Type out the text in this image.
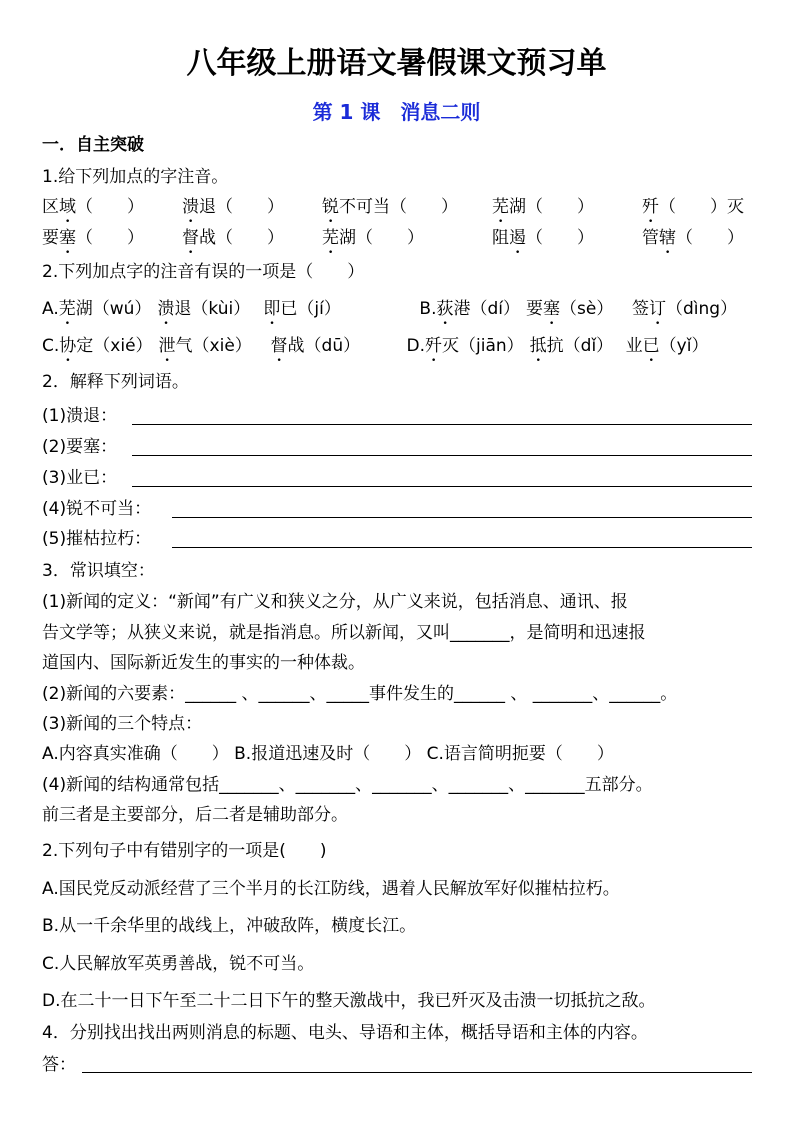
八年级上册语文暑假课文预习单
第 1 课　消息二则
一．自主突破
1.给下列加点的字注音。
区域（　　）	溃退（　　）	锐不可当（　　）	芜湖（　　）	歼（　　）灭
要塞（　　）	督战（　　）	芜湖（　　）	阻遏（　　）	管辖（　　）
2.下列加点字的注音有误的一项是（　　）
A.芜湖（wú） 溃退（kùi） 即已（jí）	B.荻港（dí） 要塞（sè）	签订（dìng）
C.协定（xié） 泄气（xiè）	督战（dū）	D.歼灭（jiān） 抵抗（dǐ） 业已（yǐ）
2．解释下列词语。
(1)溃退：
(2)要塞：
(3)业已：
(4)锐不可当：
(5)摧枯拉朽：
3．常识填空：
(1)新闻的定义：“新闻”有广义和狭义之分，从广义来说，包括消息、通讯、报
告文学等；从狭义来说，就是指消息。所以新闻，又叫_______，是简明和迅速报
道国内、国际新近发生的事实的一种体裁。
(2)新闻的六要素：______ 、______、_____事件发生的______ 、 _______、______。
(3)新闻的三个特点：
A.内容真实准确（　　） B.报道迅速及时（　　） C.语言简明扼要（　　）
(4)新闻的结构通常包括_______、_______、_______、_______、_______五部分。
前三者是主要部分，后二者是辅助部分。
2.下列句子中有错别字的一项是(　　)
A.国民党反动派经营了三个半月的长江防线，遇着人民解放军好似摧枯拉朽。
B.从一千余华里的战线上，冲破敌阵，横度长江。
C.人民解放军英勇善战，锐不可当。
D.在二十一日下午至二十二日下午的整天激战中，我已歼灭及击溃一切抵抗之敌。
4．分别找出找出两则消息的标题、电头、导语和主体，概括导语和主体的内容。
答：
